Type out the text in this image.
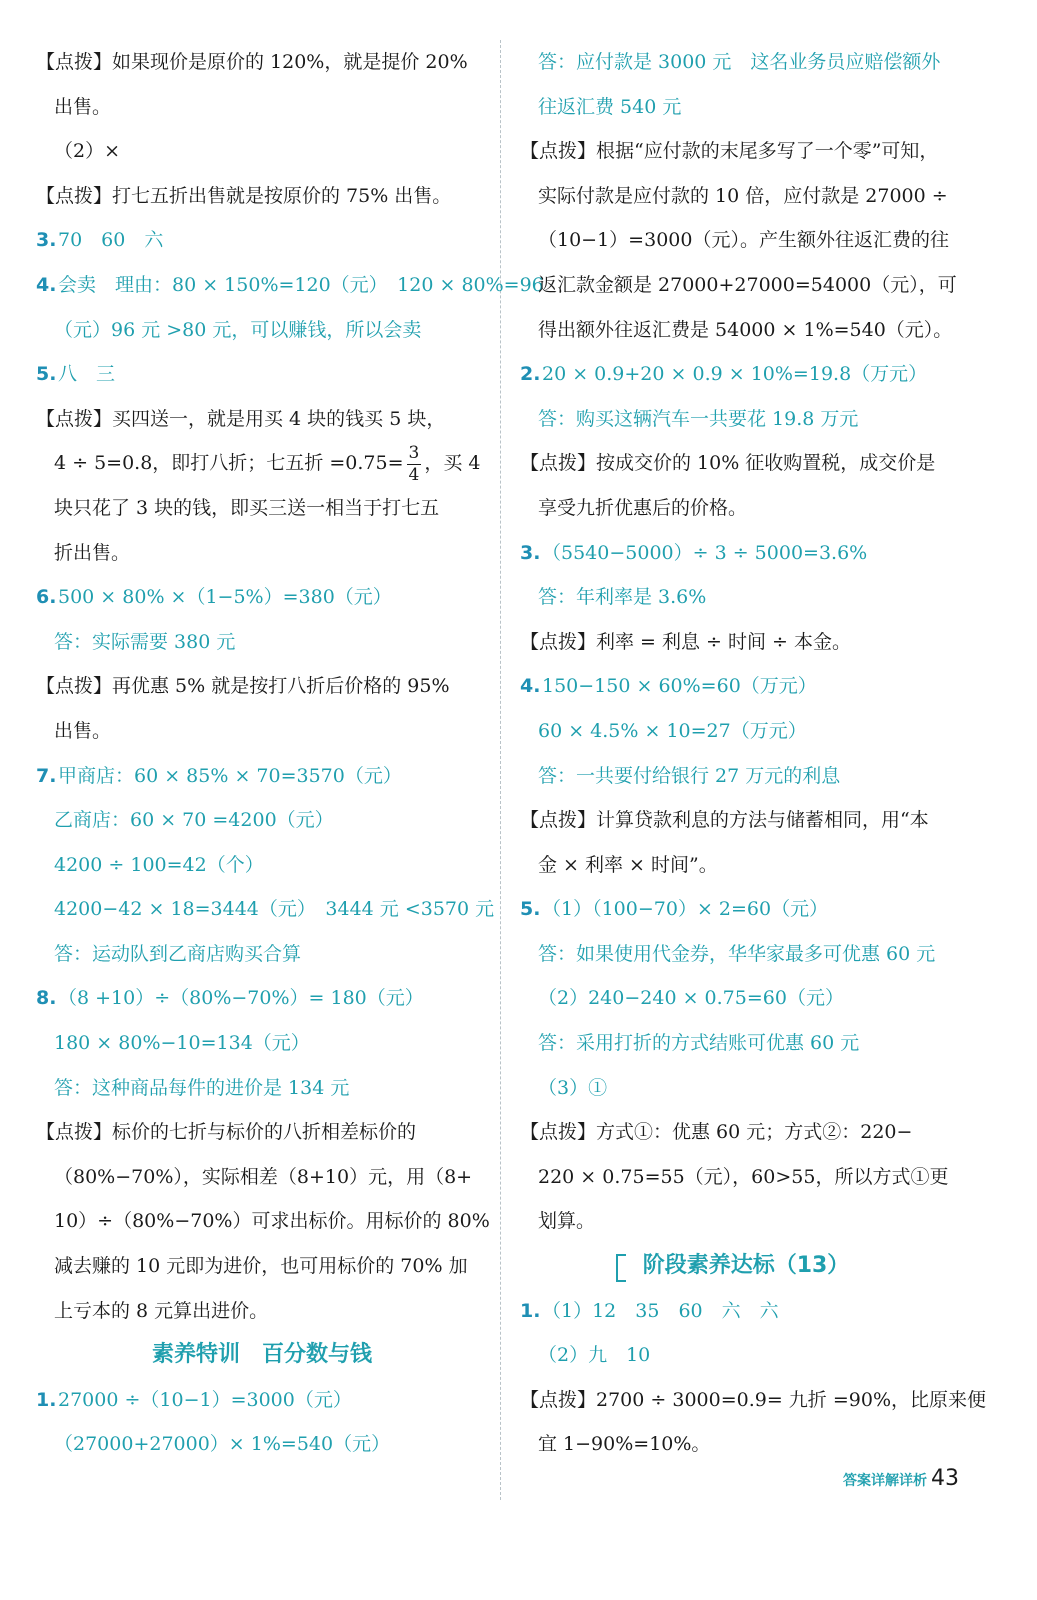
【点拨】如果现价是原价的 120%，就是提价 20%
出售。
（2）×
【点拨】打七五折出售就是按原价的 75% 出售。
3.70　60　六
4.会卖　理由：80 × 150%=120（元）　120 × 80%=96
（元）96 元 >80 元，可以赚钱，所以会卖
5.八　三
【点拨】买四送一，就是用买 4 块的钱买 5 块，
4 ÷ 5=0.8，即打八折；七五折 $=0.75= \frac{3}{4}$ ，买 4
块只花了 3 块的钱，即买三送一相当于打七五
折出售。
6.500 × 80% ×（1−5%）=380（元）
答：实际需要 380 元
【点拨】再优惠 5% 就是按打八折后价格的 95%
出售。
7.甲商店：60 × 85% × 70=3570（元）
乙商店：60 × 70 =4200（元）
4200 ÷ 100=42（个）
4200−42 × 18=3444（元）　3444 元 <3570 元
答：运动队到乙商店购买合算
8.（8 +10）÷（80%−70%）= 180（元）
180 × 80%−10=134（元）
答：这种商品每件的进价是 134 元
【点拨】标价的七折与标价的八折相差标价的
（80%−70%），实际相差（8+10）元，用（8+
10）÷（80%−70%）可求出标价。用标价的 80%
减去赚的 10 元即为进价，也可用标价的 70% 加
上亏本的 8 元算出进价。
素养特训 百分数与钱
1.27000 ÷（10−1）=3000（元）
（27000+27000）× 1%=540（元）
答：应付款是 3000 元　这名业务员应赔偿额外
往返汇费 540 元
【点拨】根据“应付款的末尾多写了一个零”可知，
实际付款是应付款的 10 倍，应付款是 27000 ÷
（10−1）=3000（元）。产生额外往返汇费的往
返汇款金额是 27000+27000=54000（元），可
得出额外往返汇费是 54000 × 1%=540（元）。
2.20 × 0.9+20 × 0.9 × 10%=19.8（万元）
答：购买这辆汽车一共要花 19.8 万元
【点拨】按成交价的 10% 征收购置税，成交价是
享受九折优惠后的价格。
3.（5540−5000）÷ 3 ÷ 5000=3.6%
答：年利率是 3.6%
【点拨】利率 = 利息 ÷ 时间 ÷ 本金。
4.150−150 × 60%=60（万元）
60 × 4.5% × 10=27（万元）
答：一共要付给银行 27 万元的利息
【点拨】计算贷款利息的方法与储蓄相同，用“本
金 × 利率 × 时间”。
5.（1）（100−70）× 2=60（元）
答：如果使用代金券，华华家最多可优惠 60 元
（2）240−240 × 0.75=60（元）
答：采用打折的方式结账可优惠 60 元
（3）①
【点拨】方式①：优惠 60 元；方式②：220−
220 × 0.75=55（元），60>55，所以方式①更
划算。
阶段素养达标（13）
1.（1）12　35　60　六　六
（2）九　10
【点拨】2700 ÷ 3000=0.9= 九折 =90%，比原来便
宜 1−90%=10%。
答案详解详析 43
